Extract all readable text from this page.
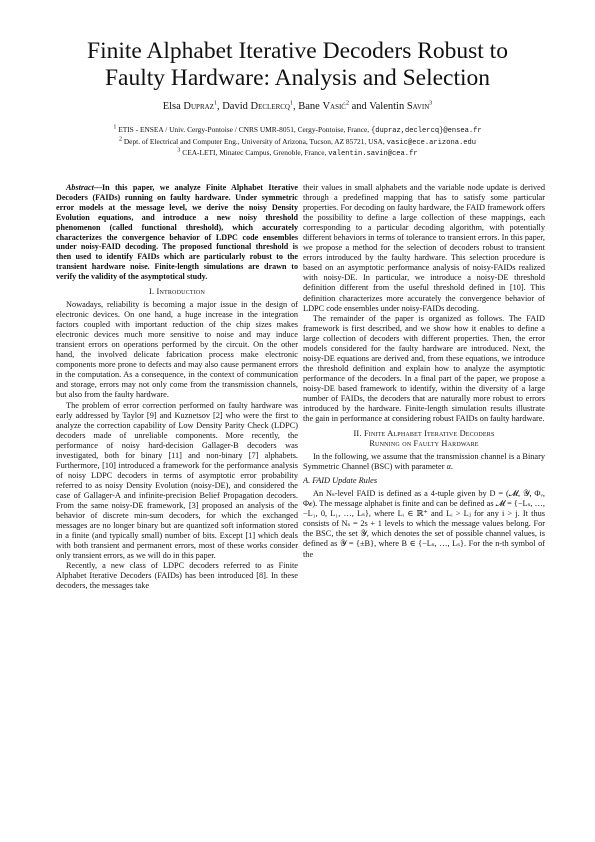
Finite Alphabet Iterative Decoders Robust to
Faulty Hardware: Analysis and Selection
Elsa Dupraz$^1$, David Declercq$^1$, Bane Vasić$^2$ and Valentin Savin$^3$
$^1$ ETIS - ENSEA / Univ. Cergy-Pontoise / CNRS UMR-8051, Cergy-Pontoise, France, {dupraz,declercq}@ensea.fr
$^2$ Dept. of Electrical and Computer Eng., University of Arizona, Tucson, AZ 85721, USA, vasic@ece.arizona.edu
$^3$ CEA-LETI, Minatec Campus, Grenoble, France, valentin.savin@cea.fr

Abstract—In this paper, we analyze Finite Alphabet Iterative Decoders (FAIDs) running on faulty hardware. Under symmetric error models at the message level, we derive the noisy Density Evolution equations, and introduce a new noisy threshold phenomenon (called functional threshold), which accurately characterizes the convergence behavior of LDPC code ensembles under noisy-FAID decoding. The proposed functional threshold is then used to identify FAIDs which are particularly robust to the transient hardware noise. Finite-length simulations are drawn to verify the validity of the asymptotical study.

I. Introduction

Nowadays, reliability is becoming a major issue in the design of electronic devices. On one hand, a huge increase in the integration factors coupled with important reduction of the chip sizes makes electronic devices much more sensitive to noise and may induce transient errors on operations performed by the circuit. On the other hand, the involved delicate fabrication process make electronic components more prone to defects and may also cause permanent errors in the computation. As a consequence, in the context of communication and storage, errors may not only come from the transmission channels, but also from the faulty hardware.

The problem of error correction performed on faulty hardware was early addressed by Taylor [9] and Kuznetsov [2] who were the first to analyze the correction capability of Low Density Parity Check (LDPC) decoders made of unreliable components. More recently, the performance of noisy hard-decision Gallager-B decoders was investigated, both for binary [11] and non-binary [7] alphabets. Furthermore, [10] introduced a framework for the performance analysis of noisy LDPC decoders in terms of asymptotic error probability referred to as noisy Density Evolution (noisy-DE), and considered the case of Gallager-A and infinite-precision Belief Propagation decoders. From the same noisy-DE framework, [3] proposed an analysis of the behavior of discrete min-sum decoders, for which the exchanged messages are no longer binary but are quantized soft information stored in a finite (and typically small) number of bits. Except [1] which deals with both transient and permanent errors, most of these works consider only transient errors, as we will do in this paper.

Recently, a new class of LDPC decoders referred to as Finite Alphabet Iterative Decoders (FAIDs) has been introduced [8]. In these decoders, the messages take

their values in small alphabets and the variable node update is derived through a predefined mapping that has to satisfy some particular properties. For decoding on faulty hardware, the FAID framework offers the possibility to define a large collection of these mappings, each corresponding to a particular decoding algorithm, with potentially different behaviors in terms of tolerance to transient errors. In this paper, we propose a method for the selection of decoders robust to transient errors introduced by the faulty hardware. This selection procedure is based on an asymptotic performance analysis of noisy-FAIDs realized with noisy-DE. In particular, we introduce a noisy-DE threshold definition different from the useful threshold defined in [10]. This definition characterizes more accurately the convergence behavior of LDPC code ensembles under noisy-FAIDs decoding.

The remainder of the paper is organized as follows. The FAID framework is first described, and we show how it enables to define a large collection of decoders with different properties. Then, the error models considered for the faulty hardware are introduced. Next, the noisy-DE equations are derived and, from these equations, we introduce the threshold definition and explain how to analyze the asymptotic performance of the decoders. In a final part of the paper, we propose a noisy-DE based framework to identify, within the diversity of a large number of FAIDs, the decoders that are naturally more robust to errors introduced by the hardware. Finite-length simulation results illustrate the gain in performance at considering robust FAIDs on faulty hardware.

II. Finite Alphabet Iterative Decoders
Running on Faulty Hardware

In the following, we assume that the transmission channel is a Binary Symmetric Channel (BSC) with parameter α.

A. FAID Update Rules

An Nₛ-level FAID is defined as a 4-tuple given by D = (𝓜, 𝒴, Φᵥ, Φ𝒸). The message alphabet is finite and can be defined as 𝓜 = {−Lₛ, …, −L₁, 0, L₁, …, Lₛ}, where Lᵢ ∈ ℝ⁺ and Lᵢ > Lⱼ for any i > j. It thus consists of Nₛ = 2s + 1 levels to which the message values belong. For the BSC, the set 𝒴, which denotes the set of possible channel values, is defined as 𝒴 = {±B}, where B ∈ {−Lₛ, …, Lₛ}. For the n-th symbol of the
